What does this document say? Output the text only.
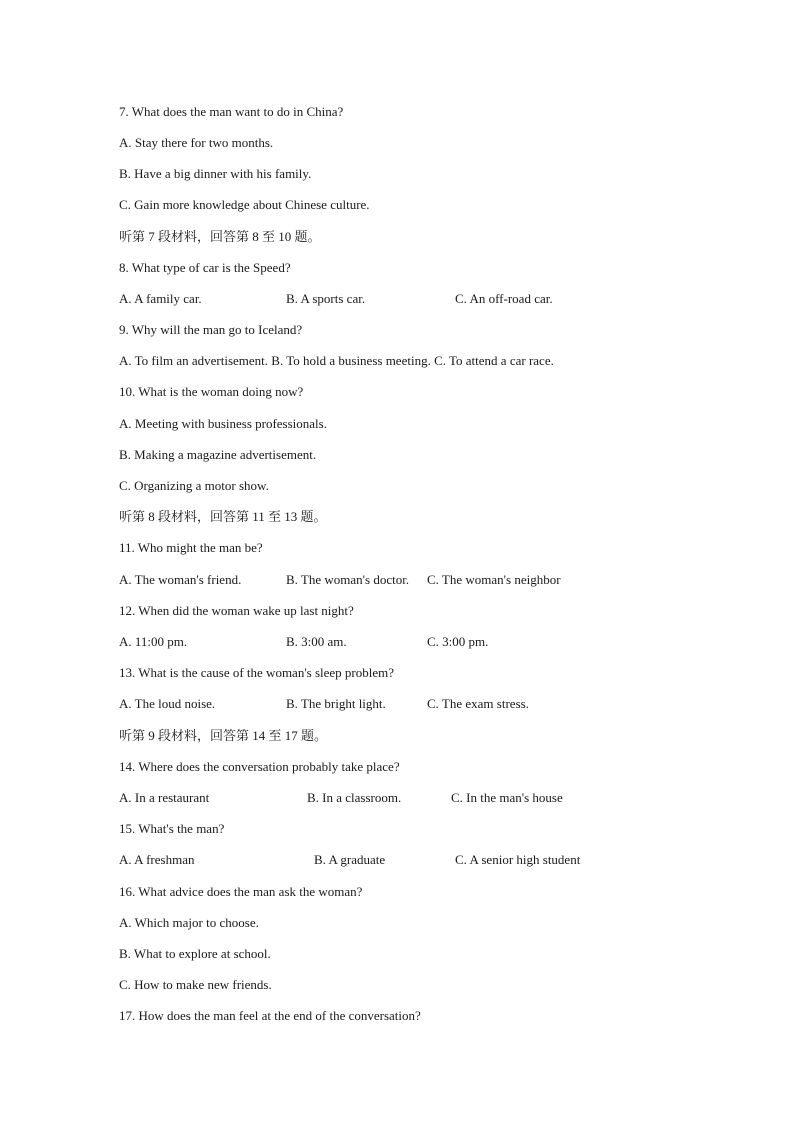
7. What does the man want to do in China?
A. Stay there for two months.
B. Have a big dinner with his family.
C. Gain more knowledge about Chinese culture.
听第 7 段材料，回答第 8 至 10 题。
8. What type of car is the Speed?
A. A family car.	B. A sports car.	C. An off-road car.
9. Why will the man go to Iceland?
A. To film an advertisement. B. To hold a business meeting. C. To attend a car race.
10. What is the woman doing now?
A. Meeting with business professionals.
B. Making a magazine advertisement.
C. Organizing a motor show.
听第 8 段材料，回答第 11 至 13 题。
11. Who might the man be?
A. The woman's friend.	B. The woman's doctor. C. The woman's neighbor
12. When did the woman wake up last night?
A. 11:00 pm.	B. 3:00 am.	C. 3:00 pm.
13. What is the cause of the woman's sleep problem?
A. The loud noise.	B. The bright light.	C. The exam stress.
听第 9 段材料，回答第 14 至 17 题。
14. Where does the conversation probably take place?
A. In a restaurant	B. In a classroom.	C. In the man's house
15. What's the man?
A. A freshman	B. A graduate	C. A senior high student
16. What advice does the man ask the woman?
A. Which major to choose.
B. What to explore at school.
C. How to make new friends.
17. How does the man feel at the end of the conversation?
